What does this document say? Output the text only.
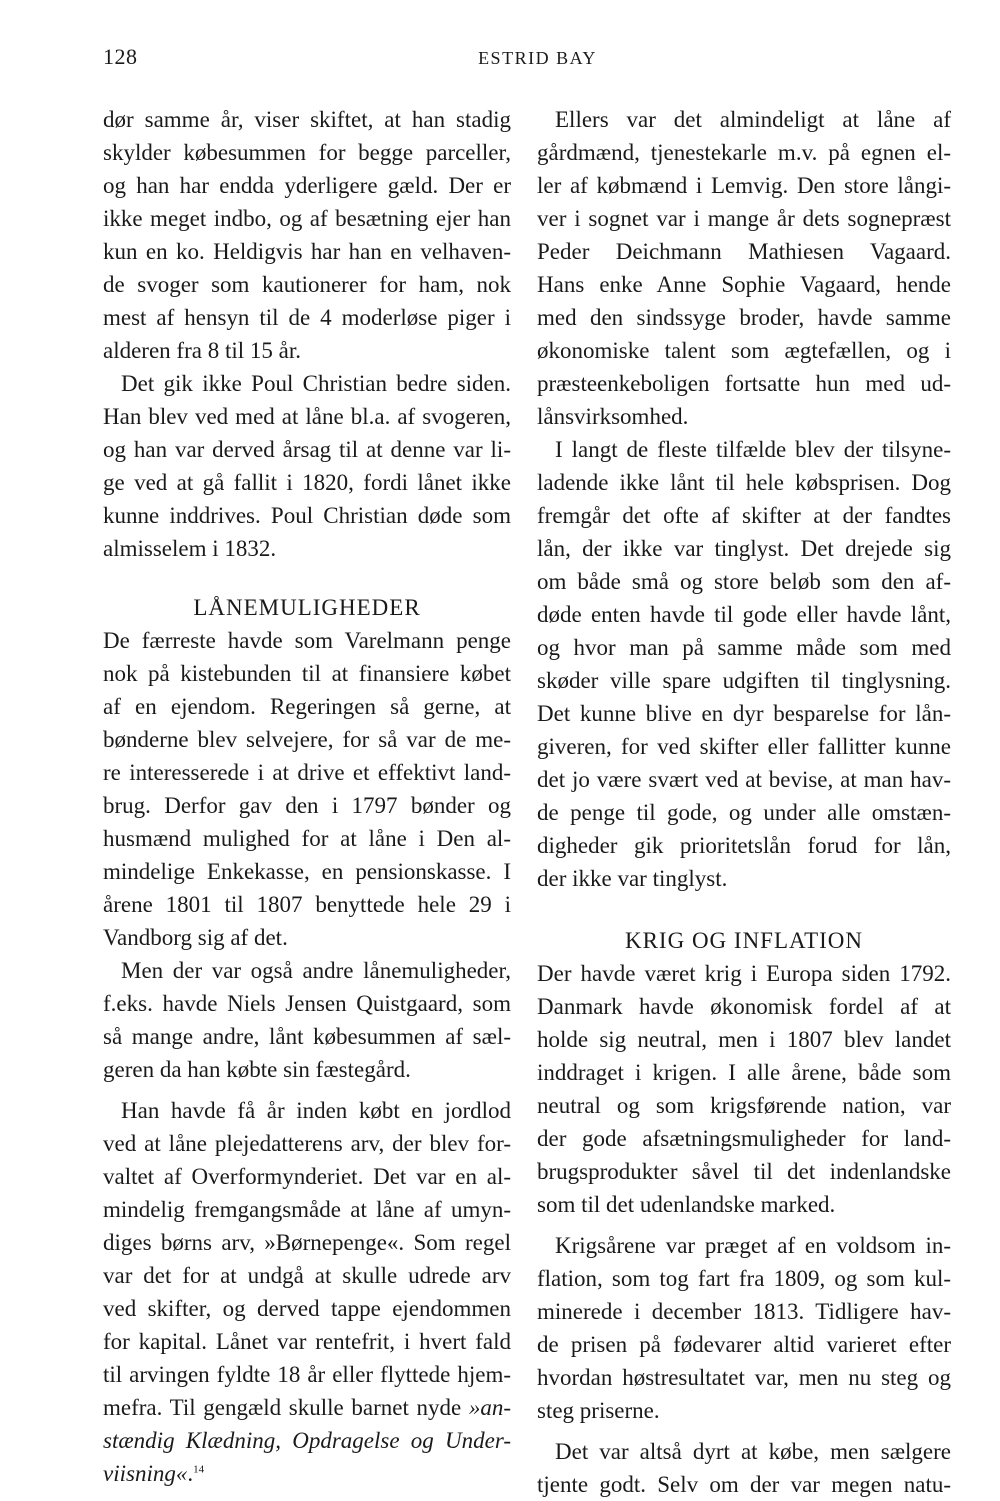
128	ESTRID BAY
dør samme år, viser skiftet, at han stadig
skylder købesummen for begge parceller,
og han har endda yderligere gæld. Der er
ikke meget indbo, og af besætning ejer han
kun en ko. Heldigvis har han en velhaven-
de svoger som kautionerer for ham, nok
mest af hensyn til de 4 moderløse piger i
alderen fra 8 til 15 år.
Det gik ikke Poul Christian bedre siden.
Han blev ved med at låne bl.a. af svogeren,
og han var derved årsag til at denne var li-
ge ved at gå fallit i 1820, fordi lånet ikke
kunne inddrives. Poul Christian døde som
almisselem i 1832.
LÅNEMULIGHEDER
De færreste havde som Varelmann penge
nok på kistebunden til at finansiere købet
af en ejendom. Regeringen så gerne, at
bønderne blev selvejere, for så var de me-
re interesserede i at drive et effektivt land-
brug. Derfor gav den i 1797 bønder og
husmænd mulighed for at låne i Den al-
mindelige Enkekasse, en pensionskasse. I
årene 1801 til 1807 benyttede hele 29 i
Vandborg sig af det.
Men der var også andre lånemuligheder,
f.eks. havde Niels Jensen Quistgaard, som
så mange andre, lånt købesummen af sæl-
geren da han købte sin fæstegård.
Han havde få år inden købt en jordlod
ved at låne plejedatterens arv, der blev for-
valtet af Overformynderiet. Det var en al-
mindelig fremgangsmåde at låne af umyn-
diges børns arv, »Børnepenge«. Som regel
var det for at undgå at skulle udrede arv
ved skifter, og derved tappe ejendommen
for kapital. Lånet var rentefrit, i hvert fald
til arvingen fyldte 18 år eller flyttede hjem-
mefra. Til gengæld skulle barnet nyde »an-
stændig Klædning, Opdragelse og Under-
viisning«.$^{14}$
Ellers var det almindeligt at låne af
gårdmænd, tjenestekarle m.v. på egnen el-
ler af købmænd i Lemvig. Den store långi-
ver i sognet var i mange år dets sognepræst
Peder Deichmann Mathiesen Vagaard.
Hans enke Anne Sophie Vagaard, hende
med den sindssyge broder, havde samme
økonomiske talent som ægtefællen, og i
præsteenkeboligen fortsatte hun med ud-
lånsvirksomhed.
I langt de fleste tilfælde blev der tilsyne-
ladende ikke lånt til hele købsprisen. Dog
fremgår det ofte af skifter at der fandtes
lån, der ikke var tinglyst. Det drejede sig
om både små og store beløb som den af-
døde enten havde til gode eller havde lånt,
og hvor man på samme måde som med
skøder ville spare udgiften til tinglysning.
Det kunne blive en dyr besparelse for lån-
giveren, for ved skifter eller fallitter kunne
det jo være svært ved at bevise, at man hav-
de penge til gode, og under alle omstæn-
digheder gik prioritetslån forud for lån,
der ikke var tinglyst.
KRIG OG INFLATION
Der havde været krig i Europa siden 1792.
Danmark havde økonomisk fordel af at
holde sig neutral, men i 1807 blev landet
inddraget i krigen. I alle årene, både som
neutral og som krigsførende nation, var
der gode afsætningsmuligheder for land-
brugsprodukter såvel til det indenlandske
som til det udenlandske marked.
Krigsårene var præget af en voldsom in-
flation, som tog fart fra 1809, og som kul-
minerede i december 1813. Tidligere hav-
de prisen på fødevarer altid varieret efter
hvordan høstresultatet var, men nu steg og
steg priserne.
Det var altså dyrt at købe, men sælgere
tjente godt. Selv om der var megen natu-
